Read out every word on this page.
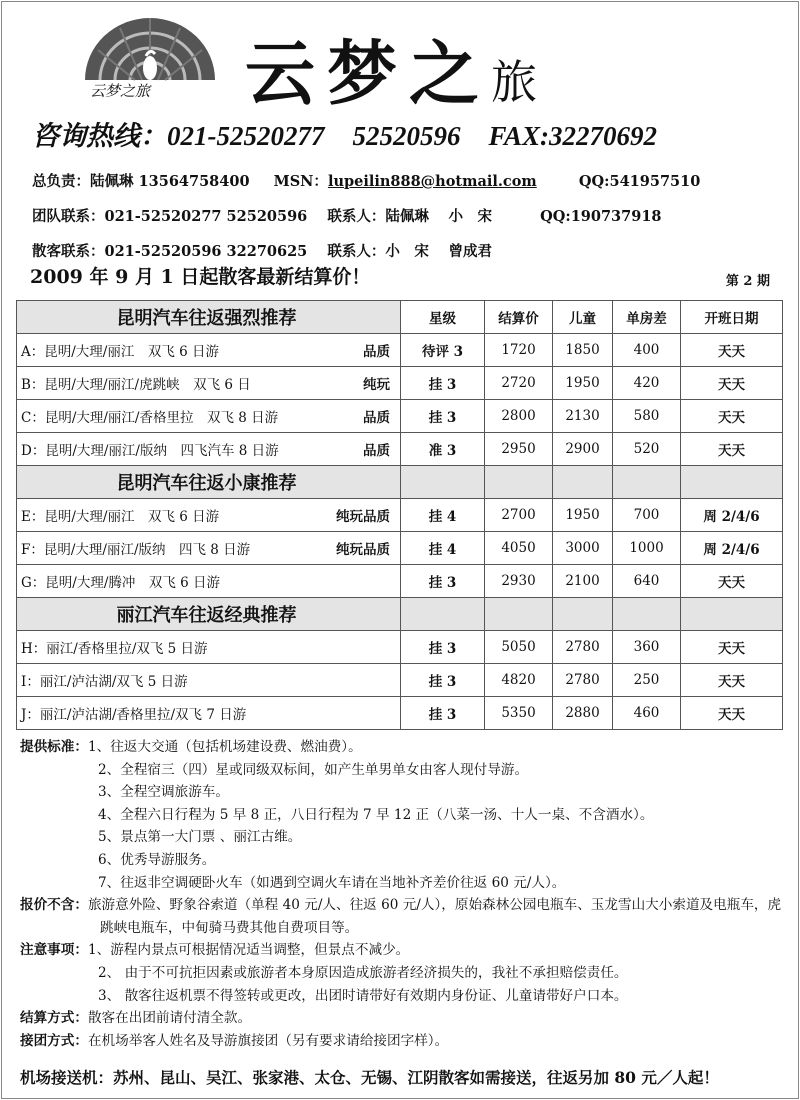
云梦之旅 云梦之旅
咨询热线：021-52520277 52520596 FAX:32270692
总负责：陆佩琳 13564758400 MSN：lupeilin888@hotmail.com	QQ:541957510
团队联系：021-52520277 52520596 联系人：陆佩琳　 小　宋	QQ:190737918
散客联系：021-52520596 32270625 联系人：小　宋　 曾成君
2009 年 9 月 1 日起散客最新结算价！	第 2 期
昆明汽车往返强烈推荐	星级	结算价	儿童	单房差	开班日期

A：昆明/大理/丽江　双飞 6 日游 品质	待评 3	1720	1850	400	天天

B：昆明/大理/丽江/虎跳峡　双飞 6 日 纯玩	挂 3	2720	1950	420	天天

C：昆明/大理/丽江/香格里拉　双飞 8 日游 品质	挂 3	2800	2130	580	天天

D：昆明/大理/丽江/版纳　四飞汽车 8 日游 品质	准 3	2950	2900	520	天天
昆明汽车往返小康推荐					

E：昆明/大理/丽江　双飞 6 日游 纯玩品质	挂 4	2700	1950	700	周 2/4/6

F：昆明/大理/丽江/版纳　四飞 8 日游 纯玩品质	挂 4	4050	3000	1000	周 2/4/6

G：昆明/大理/腾冲　双飞 6 日游	挂 3	2930	2100	640	天天
丽江汽车往返经典推荐					

H：丽江/香格里拉/双飞 5 日游	挂 3	5050	2780	360	天天

I：丽江/泸沽湖/双飞 5 日游	挂 3	4820	2780	250	天天

J：丽江/泸沽湖/香格里拉/双飞 7 日游	挂 3	5350	2880	460	天天
提供标准：1、往返大交通（包括机场建设费、燃油费）。
2、全程宿三（四）星或同级双标间，如产生单男单女由客人现付导游。
3、全程空调旅游车。
4、全程六日行程为 5 早 8 正，八日行程为 7 早 12 正（八菜一汤、十人一桌、不含酒水）。
5、景点第一大门票 、丽江古维。
6、优秀导游服务。
7、往返非空调硬卧火车（如遇到空调火车请在当地补齐差价往返 60 元/人）。
报价不含：旅游意外险、野象谷索道（单程 40 元/人、往返 60 元/人），原始森林公园电瓶车、玉龙雪山大小索道及电瓶车，虎跳峡电瓶车，中甸骑马费其他自费项目等。
注意事项：1、游程内景点可根据情况适当调整，但景点不减少。
2、 由于不可抗拒因素或旅游者本身原因造成旅游者经济损失的，我社不承担赔偿责任。
3、 散客往返机票不得签转或更改，出团时请带好有效期内身份证、儿童请带好户口本。
结算方式：散客在出团前请付清全款。
接团方式：在机场举客人姓名及导游旗接团（另有要求请给接团字样）。
机场接送机：苏州、昆山、吴江、张家港、太仓、无锡、江阴散客如需接送，往返另加 80 元／人起！
